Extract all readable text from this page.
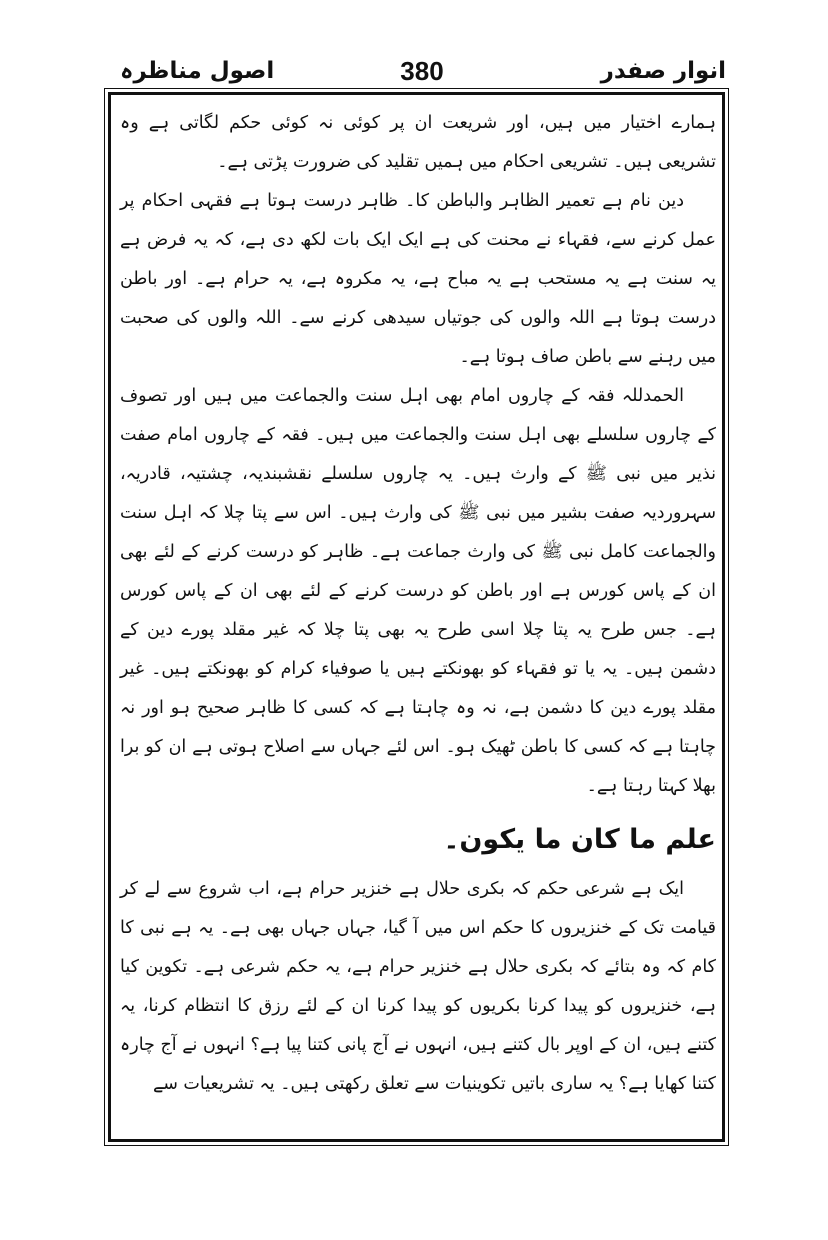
اصول مناظرہ	380	انوار صفدر

ہمارے اختیار میں ہیں، اور شریعت ان پر کوئی نہ کوئی حکم لگاتی ہے وہ تشریعی ہیں۔ تشریعی احکام میں ہمیں تقلید کی ضرورت پڑتی ہے۔

دین نام ہے تعمیر الظاہر والباطن کا۔ ظاہر درست ہوتا ہے فقہی احکام پر عمل کرنے سے، فقہاء نے محنت کی ہے ایک ایک بات لکھ دی ہے، کہ یہ فرض ہے یہ سنت ہے یہ مستحب ہے یہ مباح ہے، یہ مکروہ ہے، یہ حرام ہے۔ اور باطن درست ہوتا ہے اللہ والوں کی جوتیاں سیدھی کرنے سے۔ اللہ والوں کی صحبت میں رہنے سے باطن صاف ہوتا ہے۔

الحمدللہ فقہ کے چاروں امام بھی اہل سنت والجماعت میں ہیں اور تصوف کے چاروں سلسلے بھی اہل سنت والجماعت میں ہیں۔ فقہ کے چاروں امام صفت نذیر میں نبی ﷺ کے وارث ہیں۔ یہ چاروں سلسلے نقشبندیہ، چشتیہ، قادریہ، سہروردیہ صفت بشیر میں نبی ﷺ کی وارث ہیں۔ اس سے پتا چلا کہ اہل سنت والجماعت کامل نبی ﷺ کی وارث جماعت ہے۔ ظاہر کو درست کرنے کے لئے بھی ان کے پاس کورس ہے اور باطن کو درست کرنے کے لئے بھی ان کے پاس کورس ہے۔ جس طرح یہ پتا چلا اسی طرح یہ بھی پتا چلا کہ غیر مقلد پورے دین کے دشمن ہیں۔ یہ یا تو فقہاء کو بھونکتے ہیں یا صوفیاء کرام کو بھونکتے ہیں۔ غیر مقلد پورے دین کا دشمن ہے، نہ وہ چاہتا ہے کہ کسی کا ظاہر صحیح ہو اور نہ چاہتا ہے کہ کسی کا باطن ٹھیک ہو۔ اس لئے جہاں سے اصلاح ہوتی ہے ان کو برا بھلا کہتا رہتا ہے۔

علم ما کان ما یکون۔

ایک ہے شرعی حکم کہ بکری حلال ہے خنزیر حرام ہے، اب شروع سے لے کر قیامت تک کے خنزیروں کا حکم اس میں آ گیا، جہاں جہاں بھی ہے۔ یہ ہے نبی کا کام کہ وہ بتائے کہ بکری حلال ہے خنزیر حرام ہے، یہ حکم شرعی ہے۔ تکوین کیا ہے، خنزیروں کو پیدا کرنا بکریوں کو پیدا کرنا ان کے لئے رزق کا انتظام کرنا، یہ کتنے ہیں، ان کے اوپر بال کتنے ہیں، انہوں نے آج پانی کتنا پیا ہے؟ انہوں نے آج چارہ کتنا کھایا ہے؟ یہ ساری باتیں تکوینیات سے تعلق رکھتی ہیں۔ یہ تشریعیات سے
